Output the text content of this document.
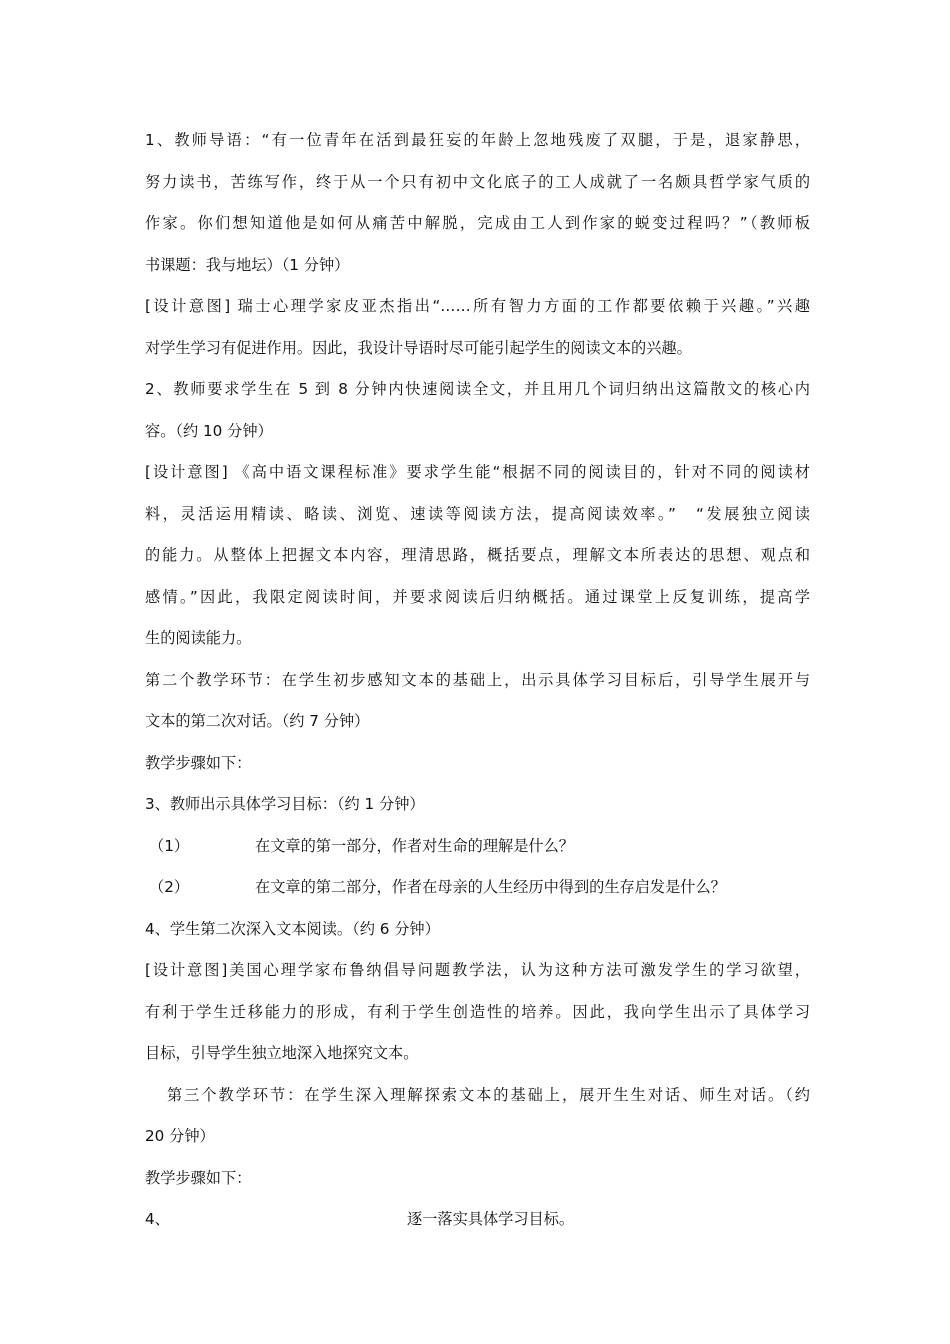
1、教师导语：“有一位青年在活到最狂妄的年龄上忽地残废了双腿，于是，退家静思，
努力读书，苦练写作，终于从一个只有初中文化底子的工人成就了一名颇具哲学家气质的
作家。你们想知道他是如何从痛苦中解脱，完成由工人到作家的蜕变过程吗？”（教师板
书课题：我与地坛）（1 分钟）
[设计意图] 瑞士心理学家皮亚杰指出“……所有智力方面的工作都要依赖于兴趣。”兴趣
对学生学习有促进作用。因此，我设计导语时尽可能引起学生的阅读文本的兴趣。
2、教师要求学生在 5 到 8 分钟内快速阅读全文，并且用几个词归纳出这篇散文的核心内
容。（约 10 分钟）
[设计意图] 《高中语文课程标准》要求学生能“根据不同的阅读目的，针对不同的阅读材
料，灵活运用精读、略读、浏览、速读等阅读方法，提高阅读效率。”　“发展独立阅读
的能力。从整体上把握文本内容，理清思路，概括要点，理解文本所表达的思想、观点和
感情。”因此，我限定阅读时间，并要求阅读后归纳概括。通过课堂上反复训练，提高学
生的阅读能力。
第二个教学环节：在学生初步感知文本的基础上，出示具体学习目标后，引导学生展开与
文本的第二次对话。（约 7 分钟）
教学步骤如下：
3、教师出示具体学习目标：（约 1 分钟）
（1）	在文章的第一部分，作者对生命的理解是什么？
（2）	在文章的第二部分，作者在母亲的人生经历中得到的生存启发是什么？
4、学生第二次深入文本阅读。（约 6 分钟）
[设计意图]美国心理学家布鲁纳倡导问题教学法，认为这种方法可激发学生的学习欲望，
有利于学生迁移能力的形成，有利于学生创造性的培养。因此，我向学生出示了具体学习
目标，引导学生独立地深入地探究文本。
第三个教学环节：在学生深入理解探索文本的基础上，展开生生对话、师生对话。（约
20 分钟）
教学步骤如下：
4、	逐一落实具体学习目标。
